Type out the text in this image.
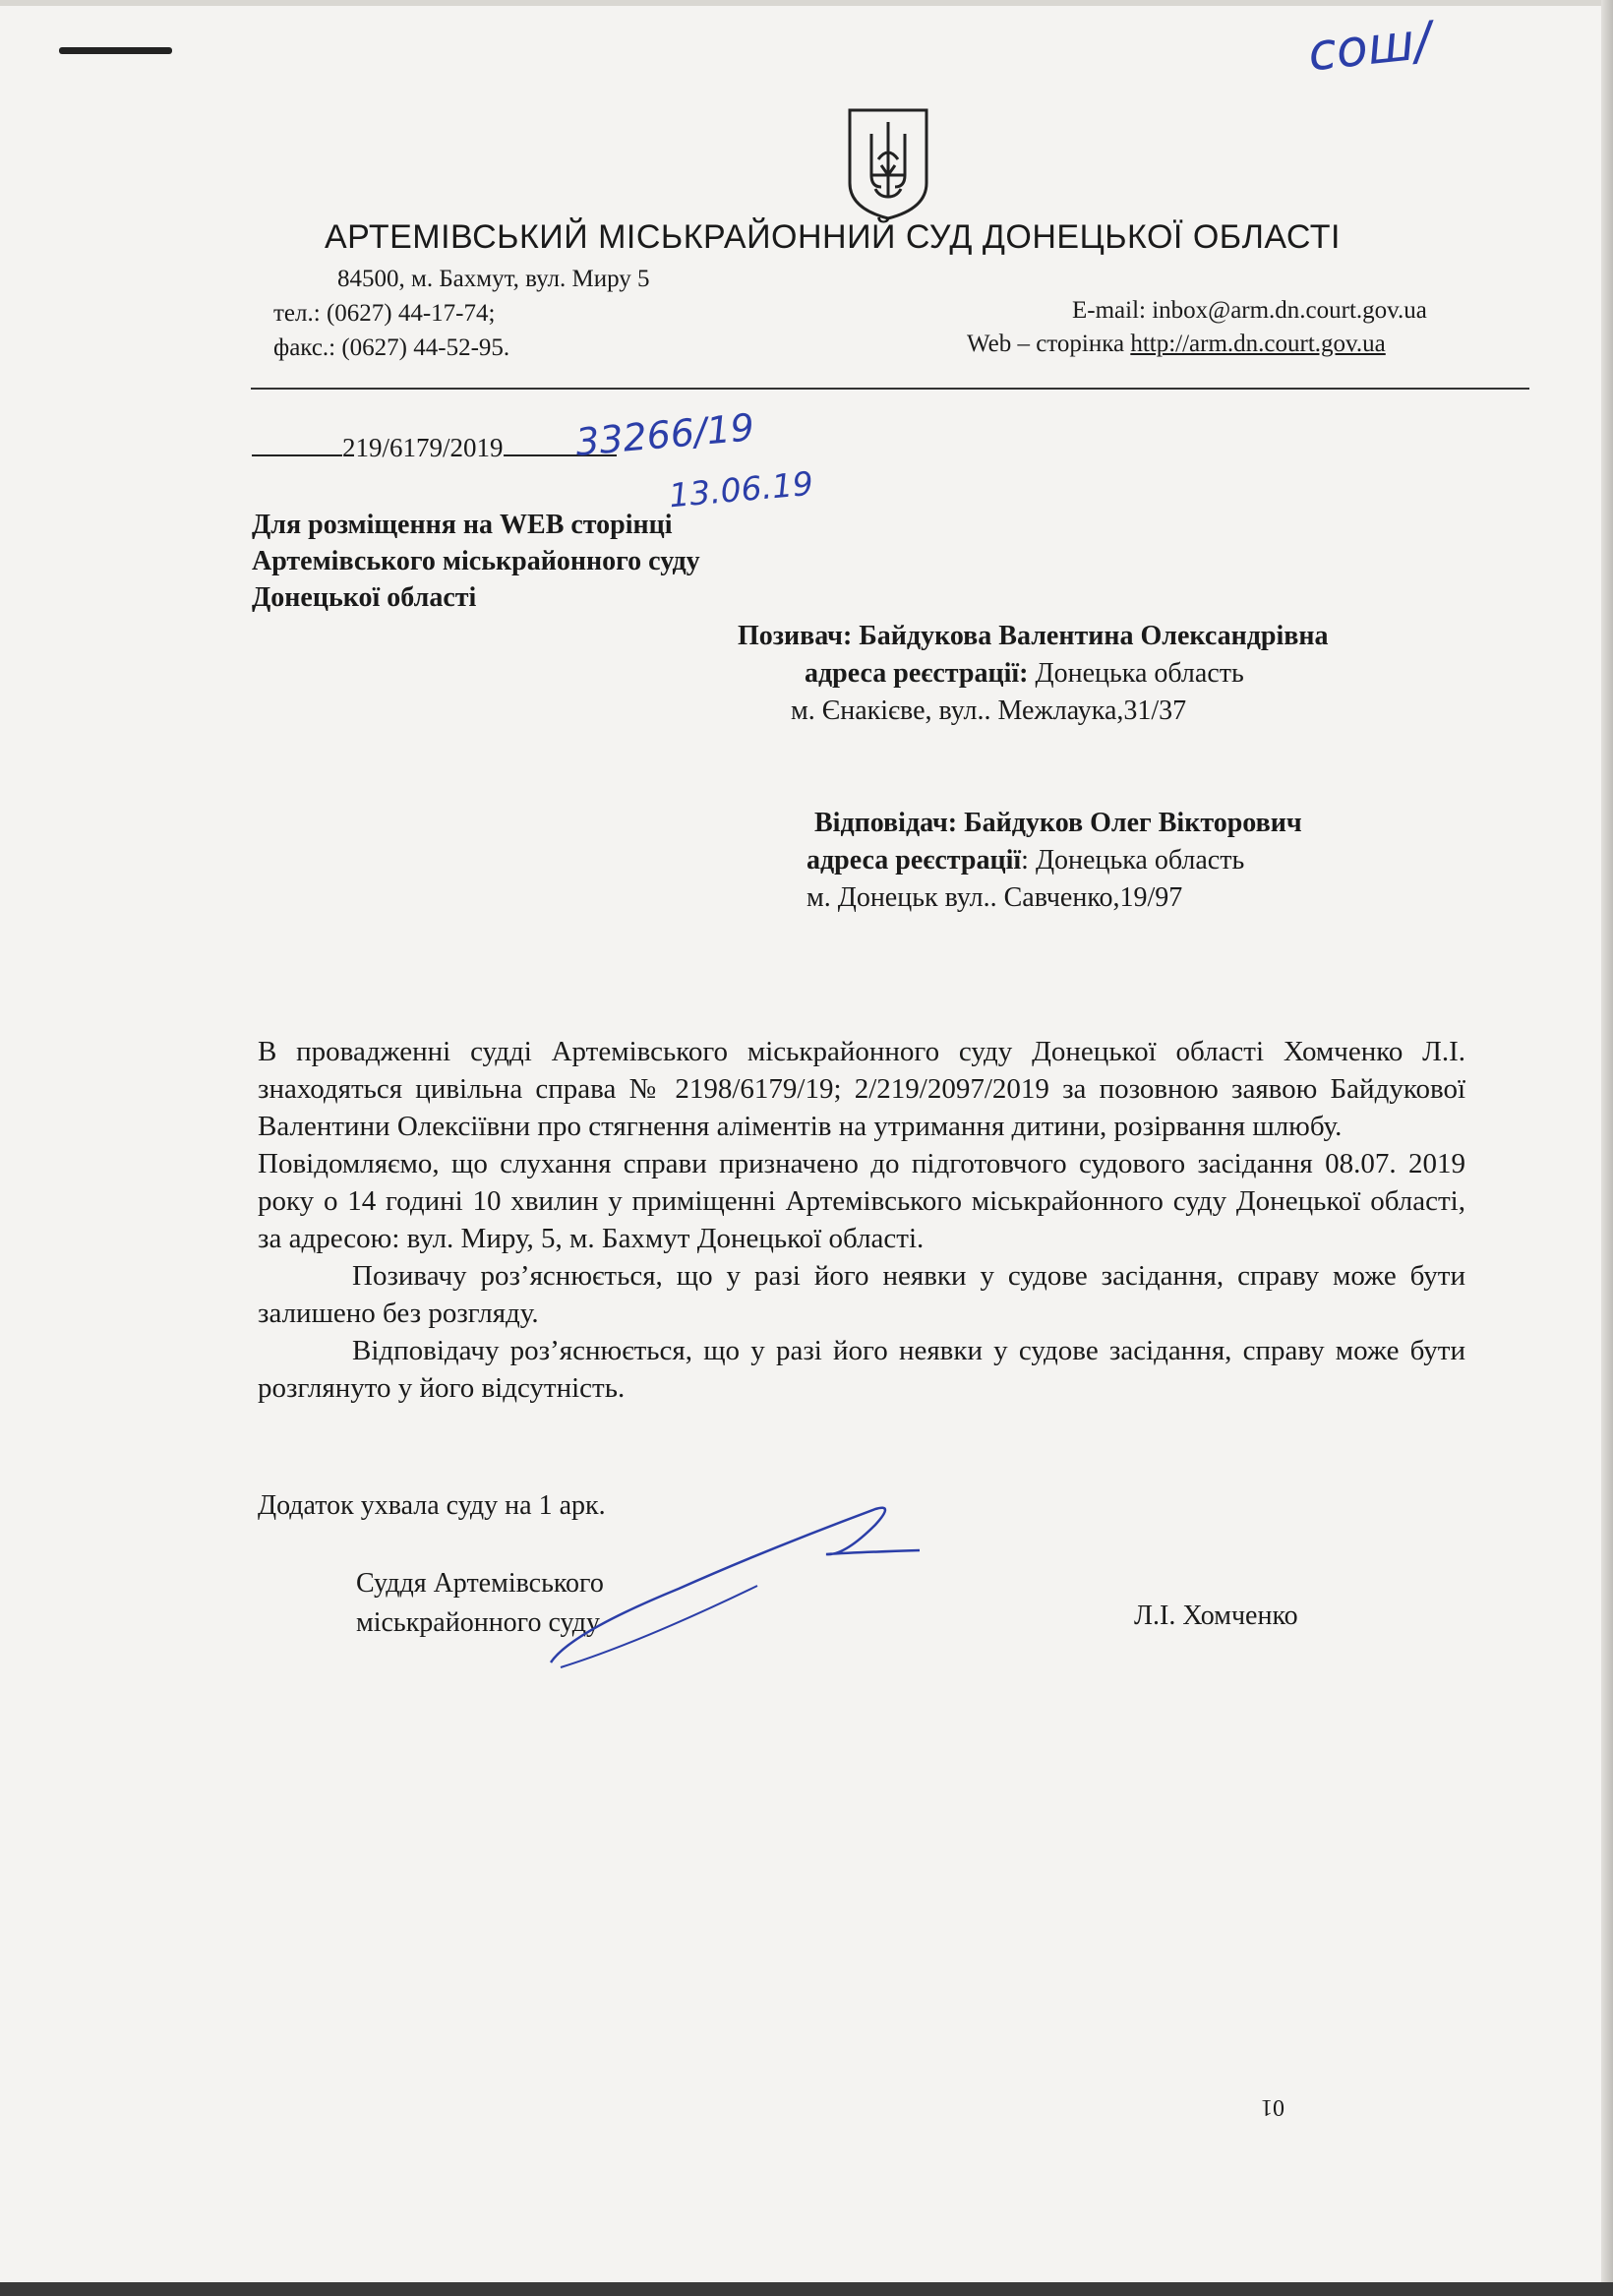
сош/
АРТЕМІВСЬКИЙ МІСЬКРАЙОННИЙ СУД ДОНЕЦЬКОЇ ОБЛАСТІ
84500, м. Бахмут, вул. Миру 5
тел.: (0627) 44-17-74;
факс.: (0627) 44-52-95.
E-mail: inbox@arm.dn.court.gov.ua
Web – сторінка http://arm.dn.court.gov.ua
219/6179/2019	33266/19
13.06.19
Для розміщення на WEB сторінці
Артемівського міськрайонного суду
Донецької області
Позивач: Байдукова Валентина Олександрівна
адреса реєстрації: Донецька область
м. Єнакієве, вул.. Межлаука,31/37
Відповідач: Байдуков Олег Вікторович
адреса реєстрації: Донецька область
м. Донецьк вул.. Савченко,19/97

В провадженні судді Артемівського міськрайонного суду Донецької області Хомченко Л.І. знаходяться цивільна справа № 2198/6179/19; 2/219/2097/2019 за позовною заявою Байдукової Валентини Олексіївни про стягнення аліментів на утримання дитини, розірвання шлюбу.

Повідомляємо, що слухання справи призначено до підготовчого судового засідання 08.07. 2019 року о 14 годині 10 хвилин у приміщенні Артемівського міськрайонного суду Донецької області, за адресою: вул. Миру, 5, м. Бахмут Донецької області.

Позивачу роз’яснюється, що у разі його неявки у судове засідання, справу може бути залишено без розгляду.

Відповідачу роз’яснюється, що у разі його неявки у судове засідання, справу може бути розглянуто у його відсутність.

Додаток ухвала суду на 1 арк.
Суддя Артемівського
міськрайонного суду	Л.І. Хомченко
01
